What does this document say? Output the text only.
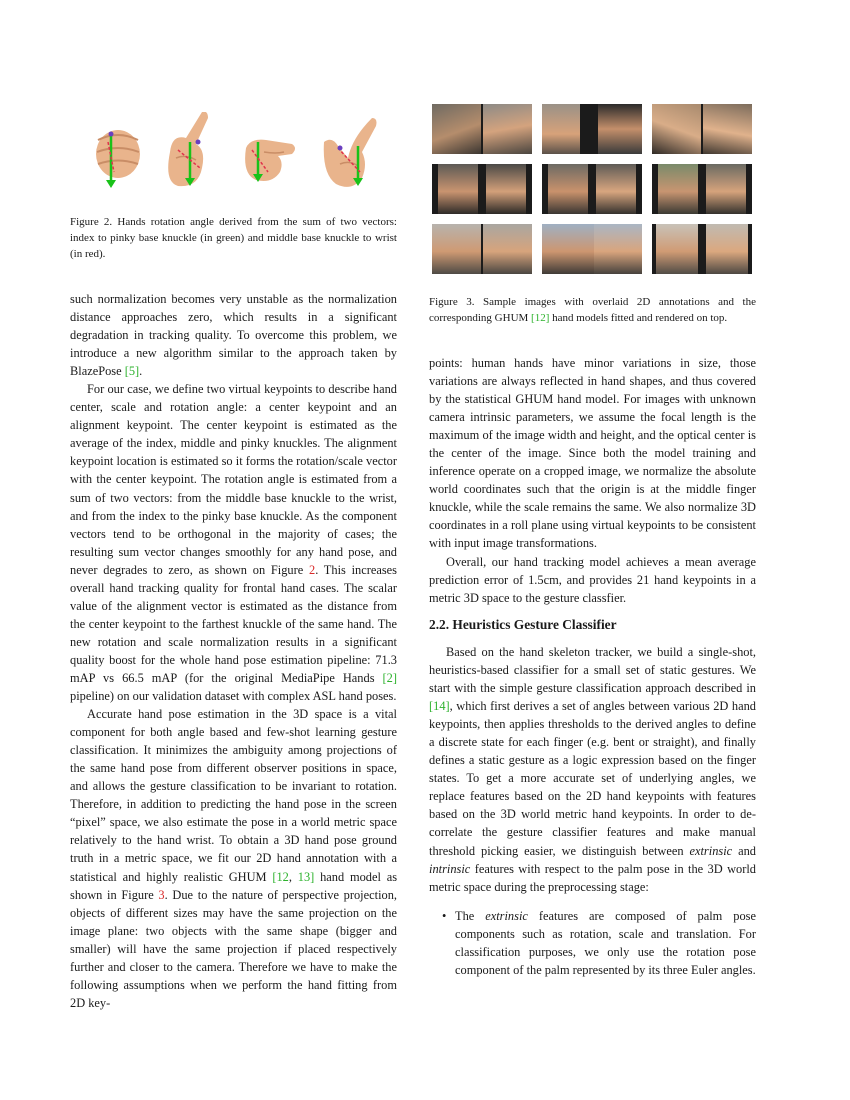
Figure 2. Hands rotation angle derived from the sum of two vectors: index to pinky base knuckle (in green) and middle base knuckle to wrist (in red).
Figure 3. Sample images with overlaid 2D annotations and the corresponding GHUM [12] hand models fitted and rendered on top.

such normalization becomes very unstable as the normalization distance approaches zero, which results in a significant degradation in tracking quality. To overcome this problem, we introduce a new algorithm similar to the approach taken by BlazePose [5].

For our case, we define two virtual keypoints to describe hand center, scale and rotation angle: a center keypoint and an alignment keypoint. The center keypoint is estimated as the average of the index, middle and pinky knuckles. The alignment keypoint location is estimated so it forms the rotation/scale vector with the center keypoint. The rotation angle is estimated from a sum of two vectors: from the middle base knuckle to the wrist, and from the index to the pinky base knuckle. As the component vectors tend to be orthogonal in the majority of cases; the resulting sum vector changes smoothly for any hand pose, and never degrades to zero, as shown on Figure 2. This increases overall hand tracking quality for frontal hand cases. The scalar value of the alignment vector is estimated as the distance from the center keypoint to the farthest knuckle of the same hand. The new rotation and scale normalization results in a significant quality boost for the whole hand pose estimation pipeline: 71.3 mAP vs 66.5 mAP (for the original MediaPipe Hands [2] pipeline) on our validation dataset with complex ASL hand poses.

Accurate hand pose estimation in the 3D space is a vital component for both angle based and few-shot learning gesture classification. It minimizes the ambiguity among projections of the same hand pose from different observer positions in space, and allows the gesture classification to be invariant to rotation. Therefore, in addition to predicting the hand pose in the screen “pixel” space, we also estimate the pose in a world metric space relatively to the hand wrist. To obtain a 3D hand pose ground truth in a metric space, we fit our 2D hand annotation with a statistical and highly realistic GHUM [12, 13] hand model as shown in Figure 3. Due to the nature of perspective projection, objects of different sizes may have the same projection on the image plane: two objects with the same shape (bigger and smaller) will have the same projection if placed respectively further and closer to the camera. Therefore we have to make the following assumptions when we perform the hand fitting from 2D key-

points: human hands have minor variations in size, those variations are always reflected in hand shapes, and thus covered by the statistical GHUM hand model. For images with unknown camera intrinsic parameters, we assume the focal length is the maximum of the image width and height, and the optical center is the center of the image. Since both the model training and inference operate on a cropped image, we normalize the absolute world coordinates such that the origin is at the middle finger knuckle, while the scale remains the same. We also normalize 3D coordinates in a roll plane using virtual keypoints to be consistent with input image transformations.

Overall, our hand tracking model achieves a mean average prediction error of 1.5cm, and provides 21 hand keypoints in a metric 3D space to the gesture classfier.

2.2. Heuristics Gesture Classifier

Based on the hand skeleton tracker, we build a single-shot, heuristics-based classifier for a small set of static gestures. We start with the simple gesture classification approach described in [14], which first derives a set of angles between various 2D hand keypoints, then applies thresholds to the derived angles to define a discrete state for each finger (e.g. bent or straight), and finally defines a static gesture as a logic expression based on the finger states. To get a more accurate set of underlying angles, we replace features based on the 2D hand keypoints with features based on the 3D world metric hand keypoints. In order to de-correlate the gesture classifier features and make manual threshold picking easier, we distinguish between extrinsic and intrinsic features with respect to the palm pose in the 3D world metric space during the preprocessing stage:

• The extrinsic features are composed of palm pose components such as rotation, scale and translation. For classification purposes, we only use the rotation pose component of the palm represented by its three Euler angles.
